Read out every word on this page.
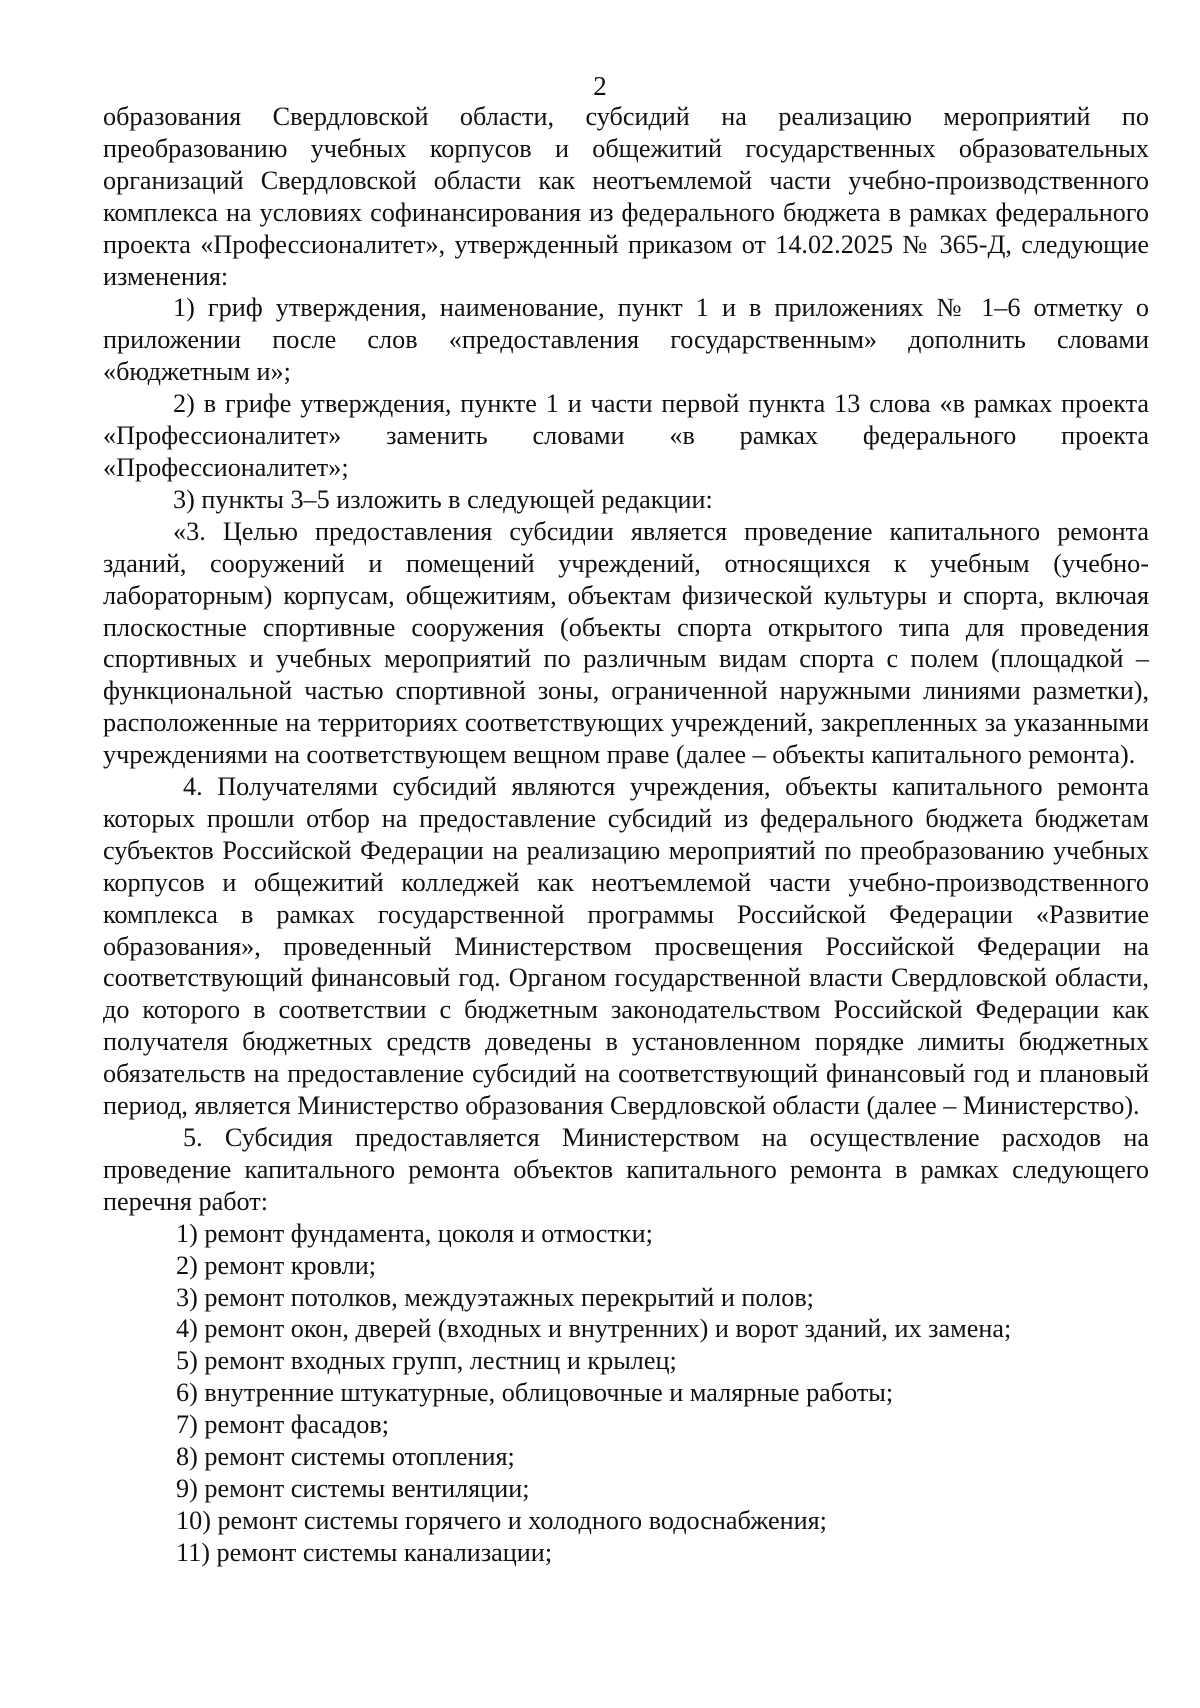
2

образования Свердловской области, субсидий на реализацию мероприятий по преобразованию учебных корпусов и общежитий государственных образовательных организаций Свердловской области как неотъемлемой части учебно-производственного комплекса на условиях софинансирования из федерального бюджета в рамках федерального проекта «Профессионалитет», утвержденный приказом от 14.02.2025 № 365-Д, следующие изменения:

1) гриф утверждения, наименование, пункт 1 и в приложениях № 1–6 отметку о приложении после слов «предоставления государственным» дополнить словами «бюджетным и»;

2) в грифе утверждения, пункте 1 и части первой пункта 13 слова «в рамках проекта «Профессионалитет» заменить словами «в рамках федерального проекта «Профессионалитет»;

3) пункты 3–5 изложить в следующей редакции:

«3. Целью предоставления субсидии является проведение капитального ремонта зданий, сооружений и помещений учреждений, относящихся к учебным (учебно-лабораторным) корпусам, общежитиям, объектам физической культуры и спорта, включая плоскостные спортивные сооружения (объекты спорта открытого типа для проведения спортивных и учебных мероприятий по различным видам спорта с полем (площадкой – функциональной частью спортивной зоны, ограниченной наружными линиями разметки), расположенные на территориях соответствующих учреждений, закрепленных за указанными учреждениями на соответствующем вещном праве (далее – объекты капитального ремонта).

4. Получателями субсидий являются учреждения, объекты капитального ремонта которых прошли отбор на предоставление субсидий из федерального бюджета бюджетам субъектов Российской Федерации на реализацию мероприятий по преобразованию учебных корпусов и общежитий колледжей как неотъемлемой части учебно-производственного комплекса в рамках государственной программы Российской Федерации «Развитие образования», проведенный Министерством просвещения Российской Федерации на соответствующий финансовый год. Органом государственной власти Свердловской области, до которого в соответствии с бюджетным законодательством Российской Федерации как получателя бюджетных средств доведены в установленном порядке лимиты бюджетных обязательств на предоставление субсидий на соответствующий финансовый год и плановый период, является Министерство образования Свердловской области (далее – Министерство).

5. Субсидия предоставляется Министерством на осуществление расходов на проведение капитального ремонта объектов капитального ремонта в рамках следующего перечня работ:

1) ремонт фундамента, цоколя и отмостки;

2) ремонт кровли;

3) ремонт потолков, междуэтажных перекрытий и полов;

4) ремонт окон, дверей (входных и внутренних) и ворот зданий, их замена;

5) ремонт входных групп, лестниц и крылец;

6) внутренние штукатурные, облицовочные и малярные работы;

7) ремонт фасадов;

8) ремонт системы отопления;

9) ремонт системы вентиляции;

10) ремонт системы горячего и холодного водоснабжения;

11) ремонт системы канализации;
